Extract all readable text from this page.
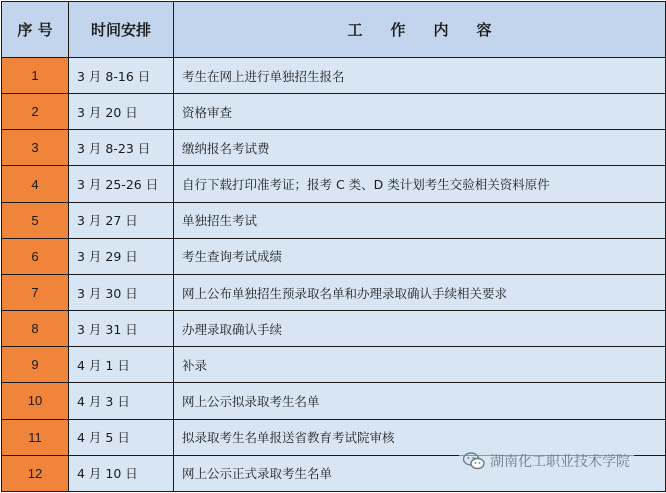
序 号	时间安排	工作内容
1	3 月 8-16 日	考生在网上进行单独招生报名
2	3 月 20 日	资格审查
3	3 月 8-23 日	缴纳报名考试费
4	3 月 25-26 日	自行下载打印准考证；报考 C 类、D 类计划考生交验相关资料原件
5	3 月 27 日	单独招生考试
6	3 月 29 日	考生查询考试成绩
7	3 月 30 日	网上公布单独招生预录取名单和办理录取确认手续相关要求
8	3 月 31 日	办理录取确认手续
9	4 月 1 日	补录
10	4 月 3 日	网上公示拟录取考生名单
11	4 月 5 日	拟录取考生名单报送省教育考试院审核
12	4 月 10 日	网上公示正式录取考生名单
湖南化工职业技术学院
